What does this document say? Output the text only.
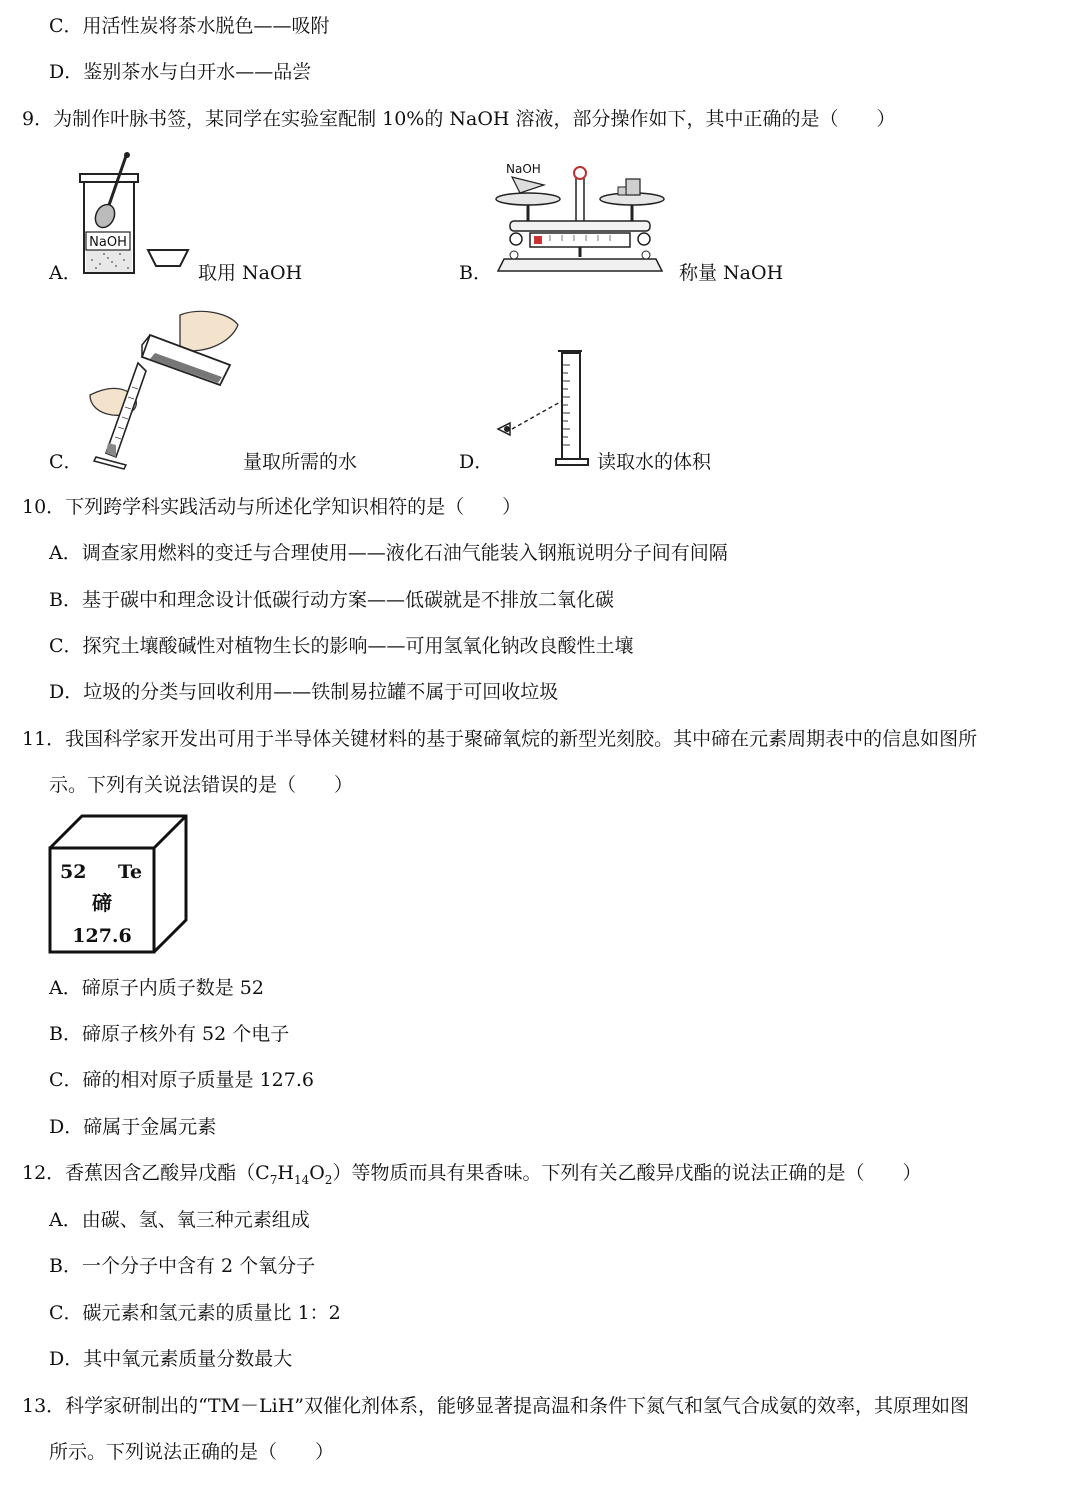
C．用活性炭将茶水脱色——吸附
D．鉴别茶水与白开水——品尝
9．为制作叶脉书签，某同学在实验室配制 10%的 NaOH 溶液，部分操作如下，其中正确的是（　　）
NaOH
A．	取用 NaOH
NaOH
B．	称量 NaOH
C．	量取所需的水	D．	读取水的体积
10．下列跨学科实践活动与所述化学知识相符的是（　　）
A．调查家用燃料的变迁与合理使用——液化石油气能装入钢瓶说明分子间有间隔
B．基于碳中和理念设计低碳行动方案——低碳就是不排放二氧化碳
C．探究土壤酸碱性对植物生长的影响——可用氢氧化钠改良酸性土壤
D．垃圾的分类与回收利用——铁制易拉罐不属于可回收垃圾
11．我国科学家开发出可用于半导体关键材料的基于聚碲氧烷的新型光刻胶。其中碲在元素周期表中的信息如图所
示。下列有关说法错误的是（　　）
52 Te
碲
127.6
A．碲原子内质子数是 52
B．碲原子核外有 52 个电子
C．碲的相对原子质量是 127.6
D．碲属于金属元素
12．香蕉因含乙酸异戊酯$(C_7H_{14}O_2)$等物质而具有果香味。下列有关乙酸异戊酯的说法正确的是（　　）
A．由碳、氢、氧三种元素组成
B．一个分子中含有 2 个氧分子
C．碳元素和氢元素的质量比 1：2
D．其中氧元素质量分数最大
13．科学家研制出的“TM－LiH”双催化剂体系，能够显著提高温和条件下氮气和氢气合成氨的效率，其原理如图
所示。下列说法正确的是（　　）
